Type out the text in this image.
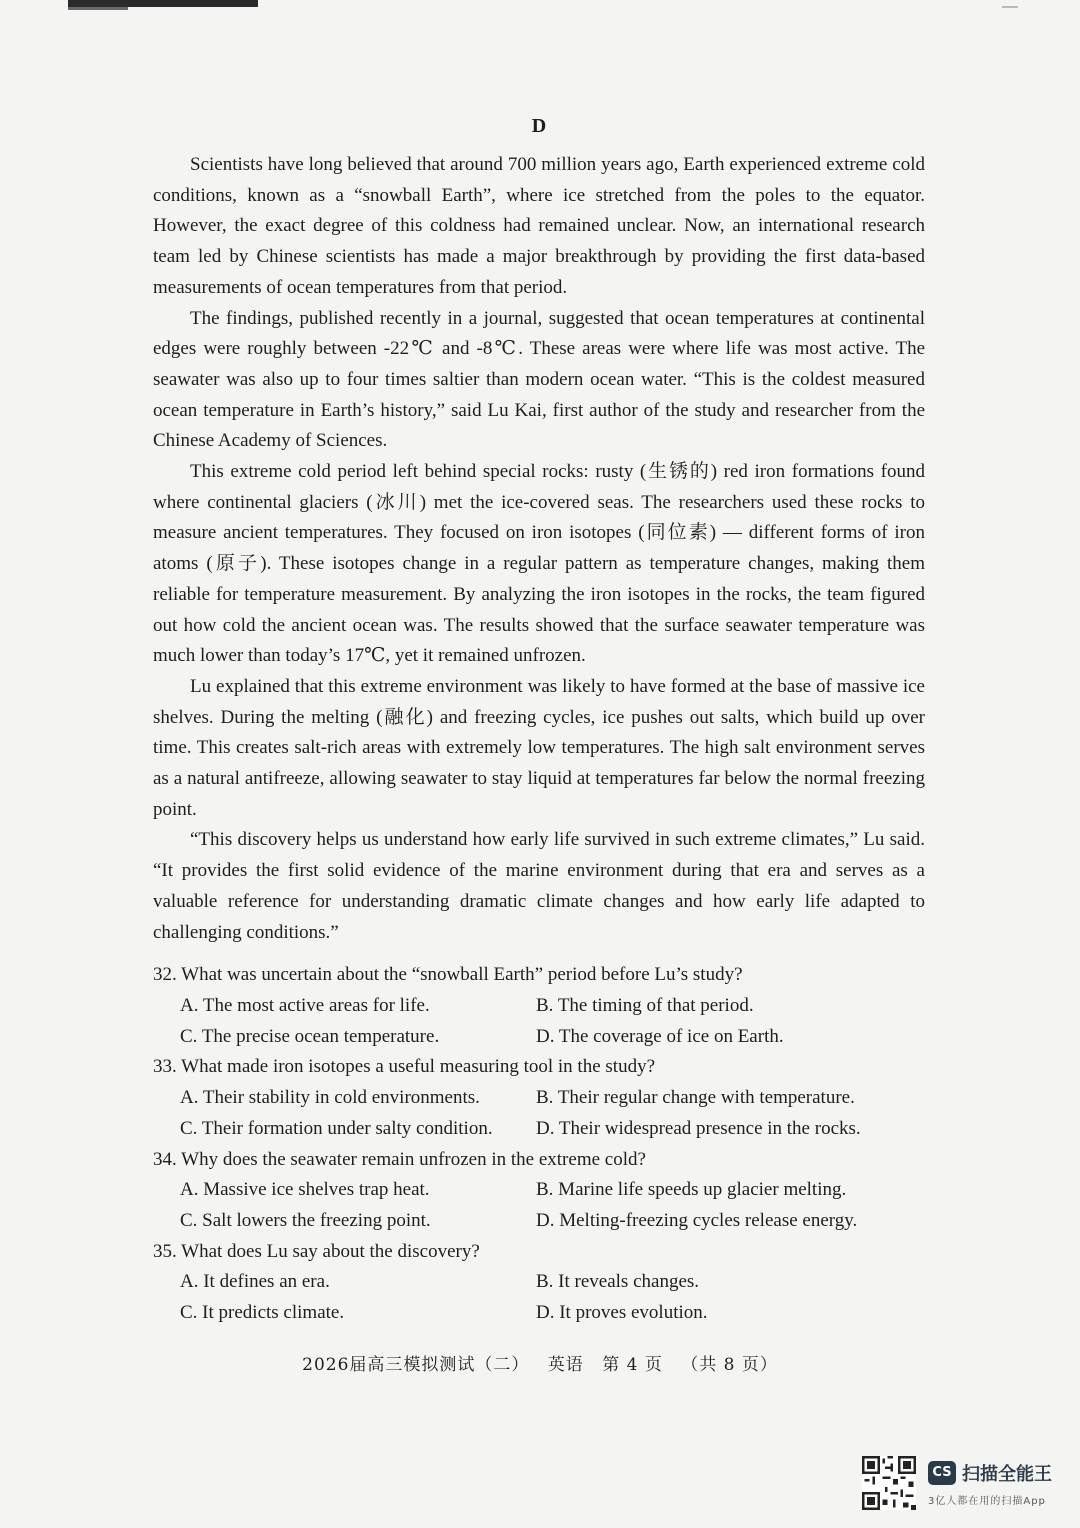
D

Scientists have long believed that around 700 million years ago, Earth experienced extreme cold conditions, known as a “snowball Earth”, where ice stretched from the poles to the equator. However, the exact degree of this coldness had remained unclear. Now, an international research team led by Chinese scientists has made a major breakthrough by providing the first data-based measurements of ocean temperatures from that period.

The findings, published recently in a journal, suggested that ocean temperatures at continental edges were roughly between -22℃ and -8℃. These areas were where life was most active. The seawater was also up to four times saltier than modern ocean water. “This is the coldest measured ocean temperature in Earth’s history,” said Lu Kai, first author of the study and researcher from the Chinese Academy of Sciences.

This extreme cold period left behind special rocks: rusty (生锈的) red iron formations found where continental glaciers (冰川) met the ice-covered seas. The researchers used these rocks to measure ancient temperatures. They focused on iron isotopes (同位素) — different forms of iron atoms (原子). These isotopes change in a regular pattern as temperature changes, making them reliable for temperature measurement. By analyzing the iron isotopes in the rocks, the team figured out how cold the ancient ocean was. The results showed that the surface seawater temperature was much lower than today’s 17℃, yet it remained unfrozen.

Lu explained that this extreme environment was likely to have formed at the base of massive ice shelves. During the melting (融化) and freezing cycles, ice pushes out salts, which build up over time. This creates salt-rich areas with extremely low temperatures. The high salt environment serves as a natural antifreeze, allowing seawater to stay liquid at temperatures far below the normal freezing point.

“This discovery helps us understand how early life survived in such extreme climates,” Lu said. “It provides the first solid evidence of the marine environment during that era and serves as a valuable reference for understanding dramatic climate changes and how early life adapted to challenging conditions.”

32. What was uncertain about the “snowball Earth” period before Lu’s study?

A. The most active areas for life.	B. The timing of that period.
C. The precise ocean temperature.	D. The coverage of ice on Earth.

33. What made iron isotopes a useful measuring tool in the study?

A. Their stability in cold environments.	B. Their regular change with temperature.
C. Their formation under salty condition.	D. Their widespread presence in the rocks.

34. Why does the seawater remain unfrozen in the extreme cold?

A. Massive ice shelves trap heat.	B. Marine life speeds up glacier melting.
C. Salt lowers the freezing point.	D. Melting-freezing cycles release energy.

35. What does Lu say about the discovery?

A. It defines an era.	B. It reveals changes.
C. It predicts climate.	D. It proves evolution.
2026届高三模拟测试（二） 英语 第 4 页 （共 8 页）
CS 扫描全能王
3亿人都在用的扫描App
